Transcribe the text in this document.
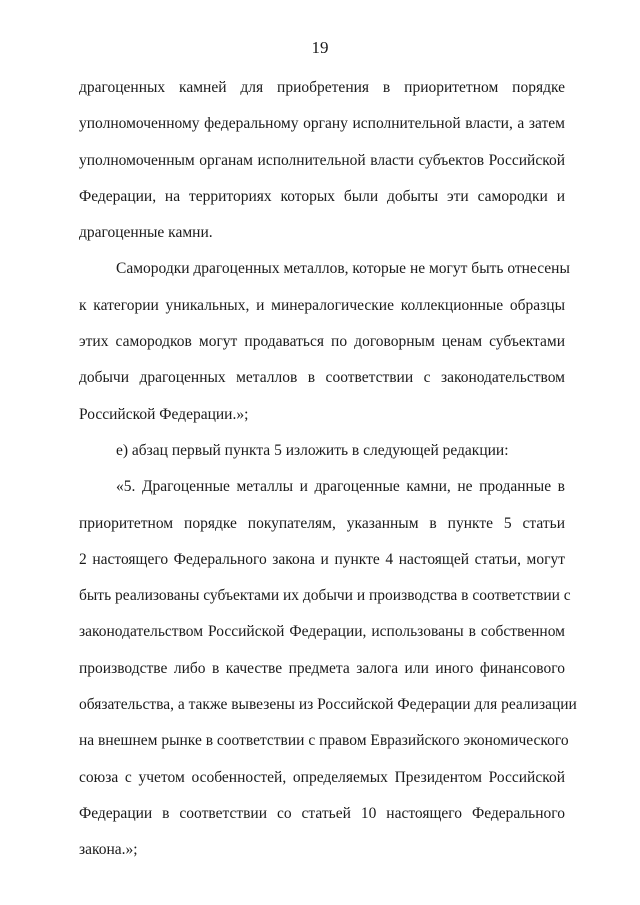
19
драгоценных камней для приобретения в приоритетном порядке
уполномоченному федеральному органу исполнительной власти, а затем
уполномоченным органам исполнительной власти субъектов Российской
Федерации, на территориях которых были добыты эти самородки и
драгоценные камни.
Самородки драгоценных металлов, которые не могут быть отнесены
к категории уникальных, и минералогические коллекционные образцы
этих самородков могут продаваться по договорным ценам субъектами
добычи драгоценных металлов в соответствии с законодательством
Российской Федерации.»;
е) абзац первый пункта 5 изложить в следующей редакции:
«5. Драгоценные металлы и драгоценные камни, не проданные в
приоритетном порядке покупателям, указанным в пункте 5 статьи
2 настоящего Федерального закона и пункте 4 настоящей статьи, могут
быть реализованы субъектами их добычи и производства в соответствии с
законодательством Российской Федерации, использованы в собственном
производстве либо в качестве предмета залога или иного финансового
обязательства, а также вывезены из Российской Федерации для реализации
на внешнем рынке в соответствии с правом Евразийского экономического
союза с учетом особенностей, определяемых Президентом Российской
Федерации в соответствии со статьей 10 настоящего Федерального
закона.»;
